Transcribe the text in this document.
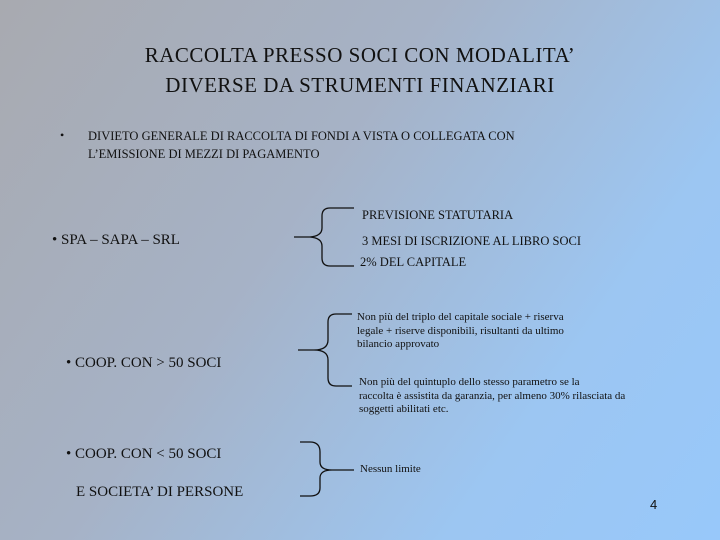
RACCOLTA PRESSO SOCI CON MODALITA’
DIVERSE DA STRUMENTI FINANZIARI
• DIVIETO GENERALE DI RACCOLTA DI FONDI A VISTA O COLLEGATA CON
L’EMISSIONE DI MEZZI DI PAGAMENTO
• SPA – SAPA – SRL
PREVISIONE STATUTARIA
3 MESI DI ISCRIZIONE AL LIBRO SOCI
2% DEL CAPITALE
• COOP. CON > 50 SOCI
Non più del triplo del capitale sociale + riserva
legale + riserve disponibili, risultanti da ultimo
bilancio approvato
Non più del quintuplo dello stesso parametro se la
raccolta è assistita da garanzia, per almeno 30% rilasciata da
soggetti abilitati etc.
• COOP. CON < 50 SOCI
E SOCIETA’ DI PERSONE
Nessun limite
4
